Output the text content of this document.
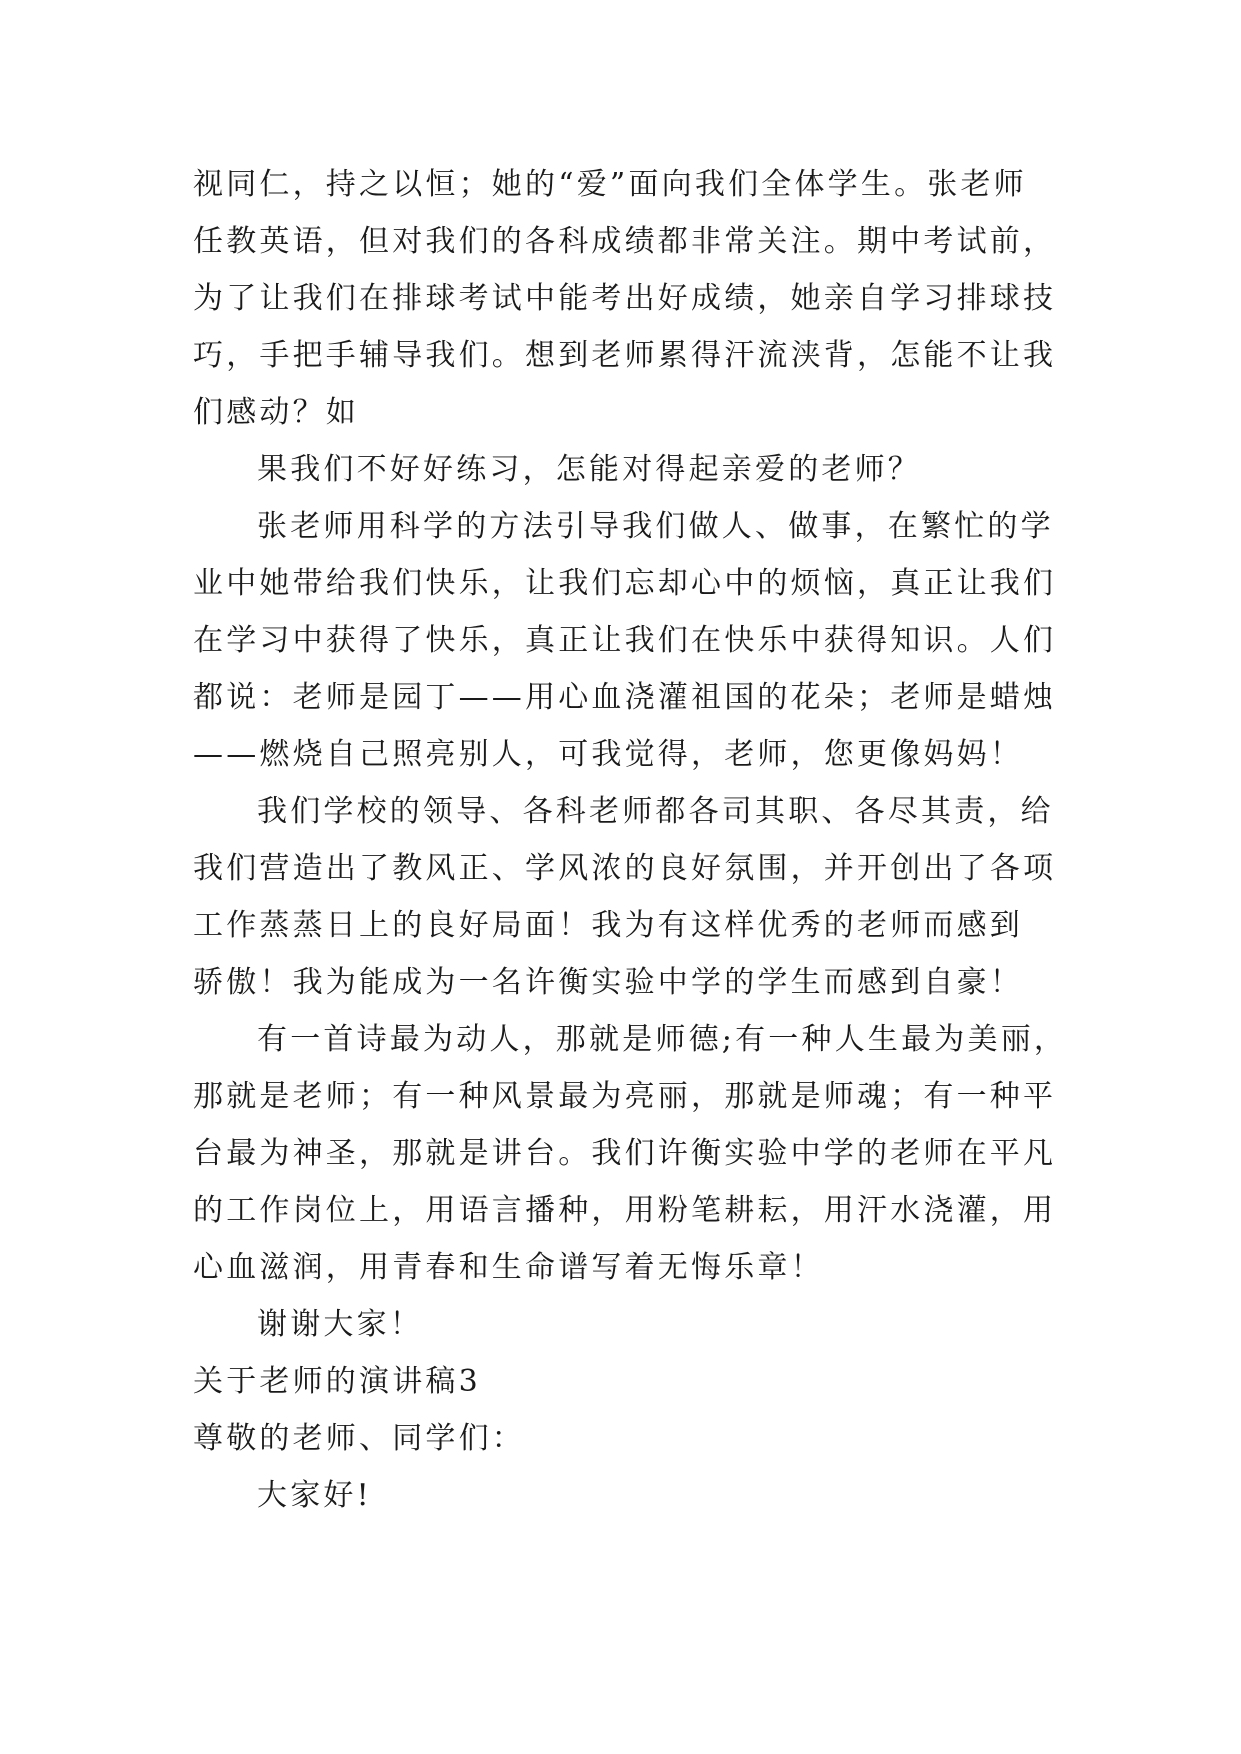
视同仁，持之以恒；她的“爱”面向我们全体学生。张老师

任教英语，但对我们的各科成绩都非常关注。期中考试前，

为了让我们在排球考试中能考出好成绩，她亲自学习排球技

巧，手把手辅导我们。想到老师累得汗流浃背，怎能不让我

们感动？如

果我们不好好练习，怎能对得起亲爱的老师？

张老师用科学的方法引导我们做人、做事，在繁忙的学

业中她带给我们快乐，让我们忘却心中的烦恼，真正让我们

在学习中获得了快乐，真正让我们在快乐中获得知识。人们

都说：老师是园丁——用心血浇灌祖国的花朵；老师是蜡烛

——燃烧自己照亮别人，可我觉得，老师，您更像妈妈！

我们学校的领导、各科老师都各司其职、各尽其责，给

我们营造出了教风正、学风浓的良好氛围，并开创出了各项

工作蒸蒸日上的良好局面！我为有这样优秀的老师而感到

骄傲！我为能成为一名许衡实验中学的学生而感到自豪！

有一首诗最为动人，那就是师德;有一种人生最为美丽，

那就是老师；有一种风景最为亮丽，那就是师魂；有一种平

台最为神圣，那就是讲台。我们许衡实验中学的老师在平凡

的工作岗位上，用语言播种，用粉笔耕耘，用汗水浇灌，用

心血滋润，用青春和生命谱写着无悔乐章！

谢谢大家！

关于老师的演讲稿3

尊敬的老师、同学们：

大家好!
